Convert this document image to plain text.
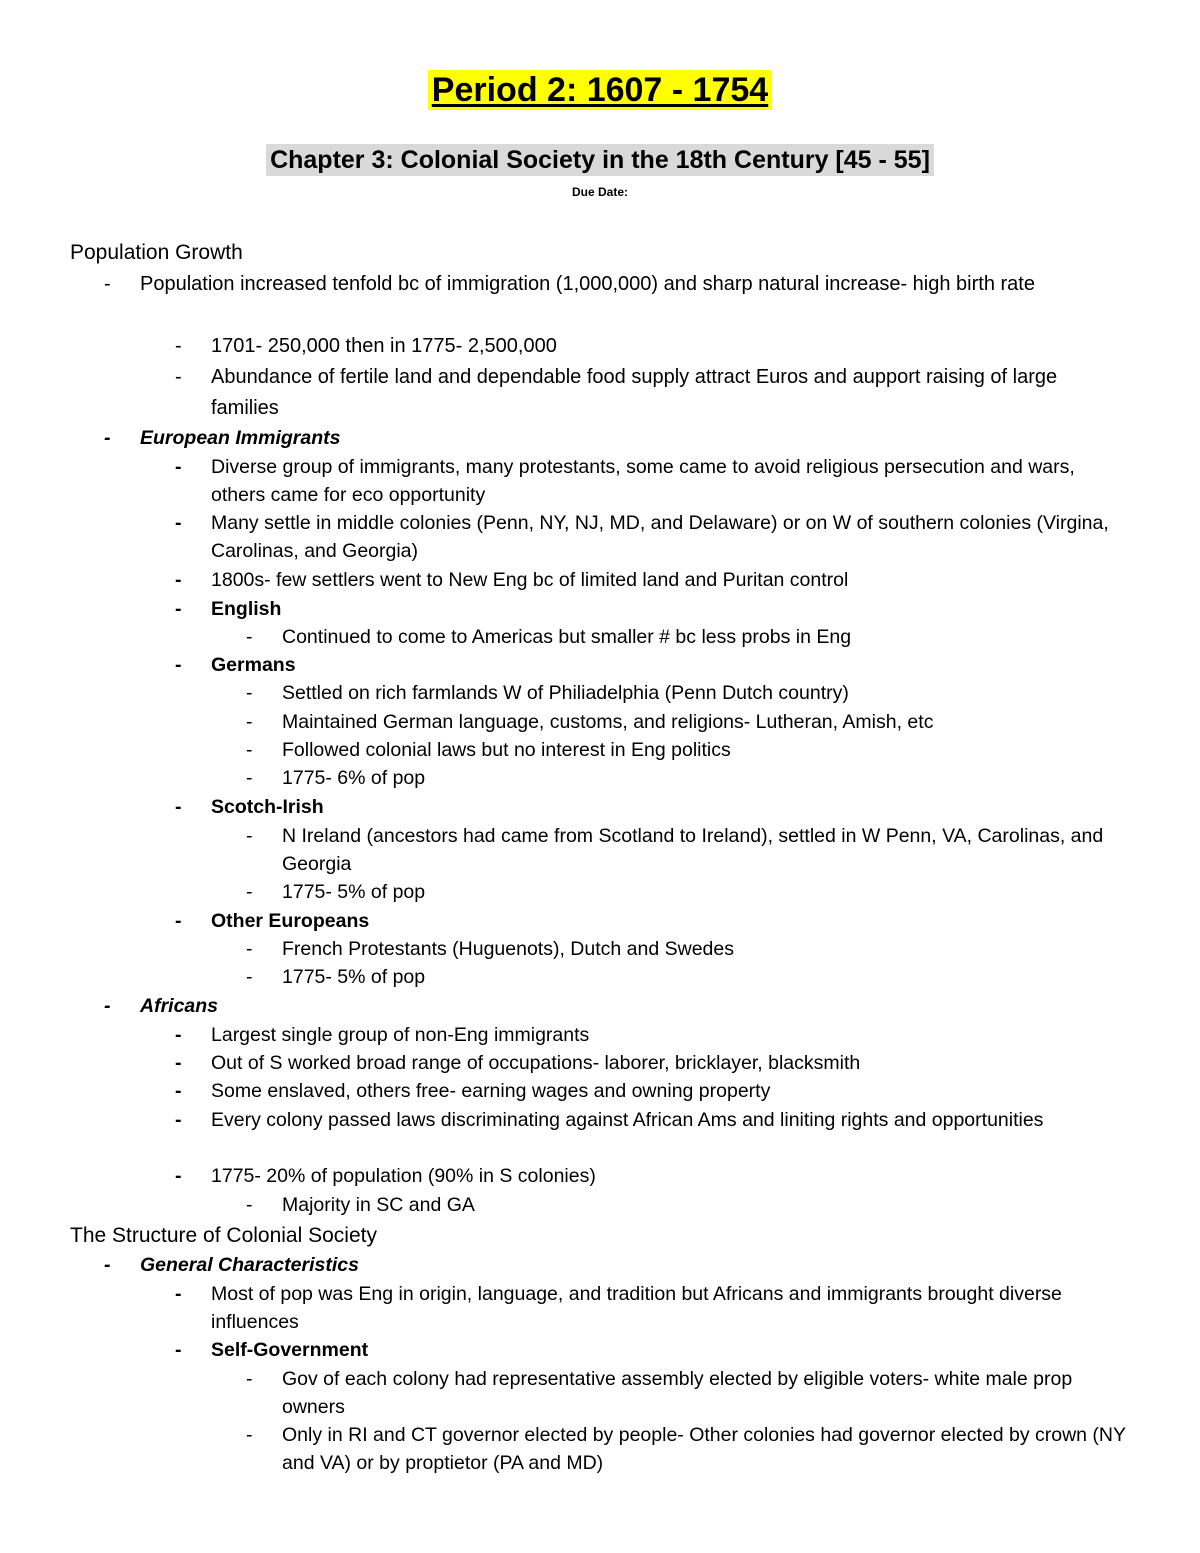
Period 2: 1607 - 1754
Chapter 3: Colonial Society in the 18th Century [45 - 55]
Due Date:
Population Growth
- Population increased tenfold bc of immigration (1,000,000) and sharp natural increase- high birth rate
- 1701- 250,000 then in 1775- 2,500,000
- Abundance of fertile land and dependable food supply attract Euros and aupport raising of large families
- European Immigrants
- Diverse group of immigrants, many protestants, some came to avoid religious persecution and wars, others came for eco opportunity
- Many settle in middle colonies (Penn, NY, NJ, MD, and Delaware) or on W of southern colonies (Virgina, Carolinas, and Georgia)
- 1800s- few settlers went to New Eng bc of limited land and Puritan control
- English
- Continued to come to Americas but smaller # bc less probs in Eng
- Germans
- Settled on rich farmlands W of Philiadelphia (Penn Dutch country)
- Maintained German language, customs, and religions- Lutheran, Amish, etc
- Followed colonial laws but no interest in Eng politics
- 1775- 6% of pop
- Scotch-Irish
- N Ireland (ancestors had came from Scotland to Ireland), settled in W Penn, VA, Carolinas, and Georgia
- 1775- 5% of pop
- Other Europeans
- French Protestants (Huguenots), Dutch and Swedes
- 1775- 5% of pop
- Africans
- Largest single group of non-Eng immigrants
- Out of S worked broad range of occupations- laborer, bricklayer, blacksmith
- Some enslaved, others free- earning wages and owning property
- Every colony passed laws discriminating against African Ams and liniting rights and opportunities
- 1775- 20% of population (90% in S colonies)
- Majority in SC and GA
The Structure of Colonial Society
- General Characteristics
- Most of pop was Eng in origin, language, and tradition but Africans and immigrants brought diverse influences
- Self-Government
- Gov of each colony had representative assembly elected by eligible voters- white male prop owners
- Only in RI and CT governor elected by people- Other colonies had governor elected by crown (NY and VA) or by proptietor (PA and MD)
